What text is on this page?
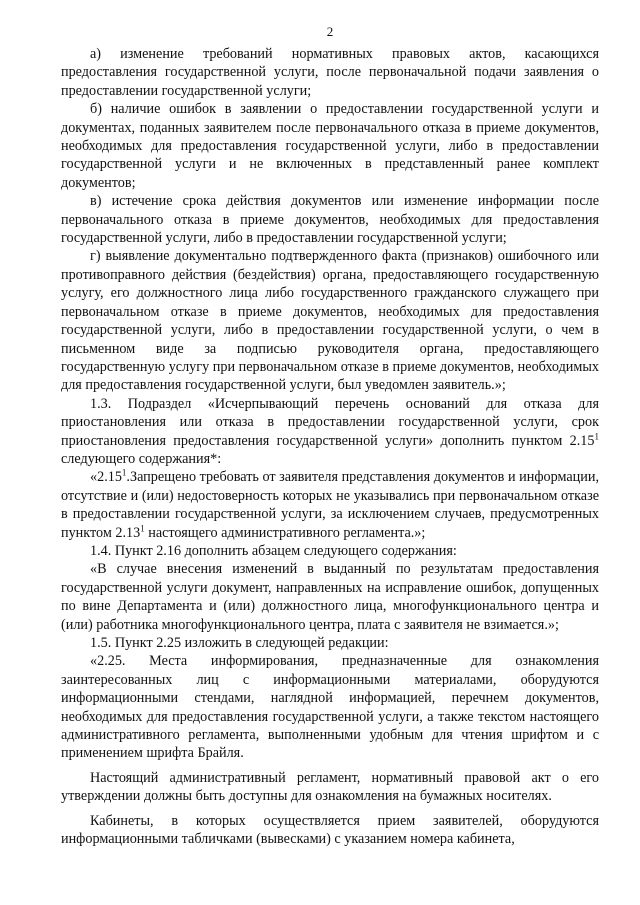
2

а) изменение требований нормативных правовых актов, касающихся предоставления государственной услуги, после первоначальной подачи заявления о предоставлении государственной услуги;

б) наличие ошибок в заявлении о предоставлении государственной услуги и документах, поданных заявителем после первоначального отказа в приеме документов, необходимых для предоставления государственной услуги, либо в предоставлении государственной услуги и не включенных в представленный ранее комплект документов;

в) истечение срока действия документов или изменение информации после первоначального отказа в приеме документов, необходимых для предоставления государственной услуги, либо в предоставлении государственной услуги;

г) выявление документально подтвержденного факта (признаков) ошибочного или противоправного действия (бездействия) органа, предоставляющего государственную услугу, его должностного лица либо государственного гражданского служащего при первоначальном отказе в приеме документов, необходимых для предоставления государственной услуги, либо в предоставлении государственной услуги, о чем в письменном виде за подписью руководителя органа, предоставляющего государственную услугу при первоначальном отказе в приеме документов, необходимых для предоставления государственной услуги, был уведомлен заявитель.»;

1.3. Подраздел «Исчерпывающий перечень оснований для отказа для приостановления или отказа в предоставлении государственной услуги, срок приостановления предоставления государственной услуги» дополнить пунктом 2.15$^1$ следующего содержания*:

«2.15$^1$.Запрещено требовать от заявителя представления документов и информации, отсутствие и (или) недостоверность которых не указывались при первоначальном отказе в предоставлении государственной услуги, за исключением случаев, предусмотренных пунктом 2.13$^1$ настоящего административного регламента.»;

1.4. Пункт 2.16 дополнить абзацем следующего содержания:

«В случае внесения изменений в выданный по результатам предоставления государственной услуги документ, направленных на исправление ошибок, допущенных по вине Департамента и (или) должностного лица, многофункционального центра и (или) работника многофункционального центра, плата с заявителя не взимается.»;

1.5. Пункт 2.25 изложить в следующей редакции:

«2.25. Места информирования, предназначенные для ознакомления заинтересованных лиц с информационными материалами, оборудуются информационными стендами, наглядной информацией, перечнем документов, необходимых для предоставления государственной услуги, а также текстом настоящего административного регламента, выполненными удобным для чтения шрифтом и с применением шрифта Брайля.

Настоящий административный регламент, нормативный правовой акт о его утверждении должны быть доступны для ознакомления на бумажных носителях.

Кабинеты, в которых осуществляется прием заявителей, оборудуются информационными табличками (вывесками) с указанием номера кабинета,
